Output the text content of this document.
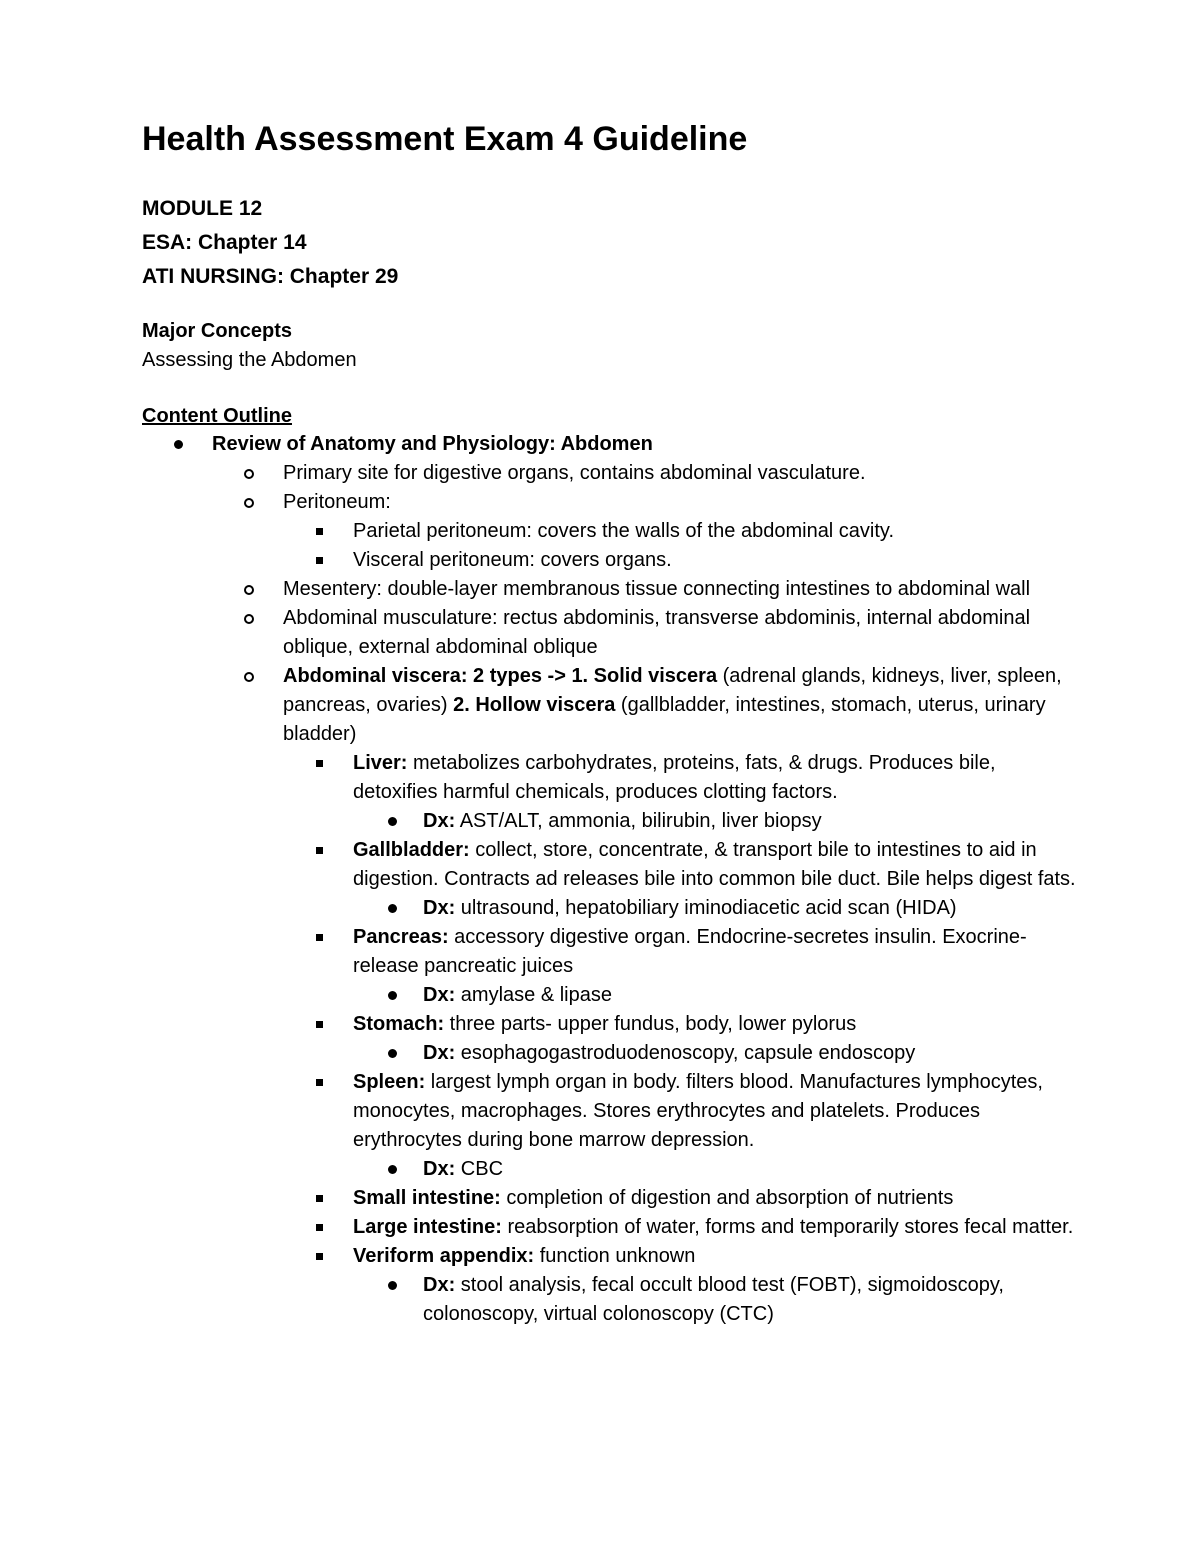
Health Assessment Exam 4 Guideline
MODULE 12
ESA: Chapter 14
ATI NURSING: Chapter 29
Major Concepts
Assessing the Abdomen
Content Outline
Review of Anatomy and Physiology: Abdomen
Primary site for digestive organs, contains abdominal vasculature.
Peritoneum:
Parietal peritoneum: covers the walls of the abdominal cavity.
Visceral peritoneum: covers organs.
Mesentery: double-layer membranous tissue connecting intestines to abdominal wall
Abdominal musculature: rectus abdominis, transverse abdominis, internal abdominal oblique, external abdominal oblique
Abdominal viscera: 2 types -> 1. Solid viscera (adrenal glands, kidneys, liver, spleen, pancreas, ovaries) 2. Hollow viscera (gallbladder, intestines, stomach, uterus, urinary bladder)
Liver: metabolizes carbohydrates, proteins, fats, & drugs. Produces bile, detoxifies harmful chemicals, produces clotting factors.
Dx: AST/ALT, ammonia, bilirubin, liver biopsy
Gallbladder: collect, store, concentrate, & transport bile to intestines to aid in digestion. Contracts ad releases bile into common bile duct. Bile helps digest fats.
Dx: ultrasound, hepatobiliary iminodiacetic acid scan (HIDA)
Pancreas: accessory digestive organ. Endocrine-secretes insulin. Exocrine-release pancreatic juices
Dx: amylase & lipase
Stomach: three parts- upper fundus, body, lower pylorus
Dx: esophagogastroduodenoscopy, capsule endoscopy
Spleen: largest lymph organ in body. filters blood. Manufactures lymphocytes, monocytes, macrophages. Stores erythrocytes and platelets. Produces erythrocytes during bone marrow depression.
Dx: CBC
Small intestine: completion of digestion and absorption of nutrients
Large intestine: reabsorption of water, forms and temporarily stores fecal matter.
Veriform appendix: function unknown
Dx: stool analysis, fecal occult blood test (FOBT), sigmoidoscopy, colonoscopy, virtual colonoscopy (CTC)
